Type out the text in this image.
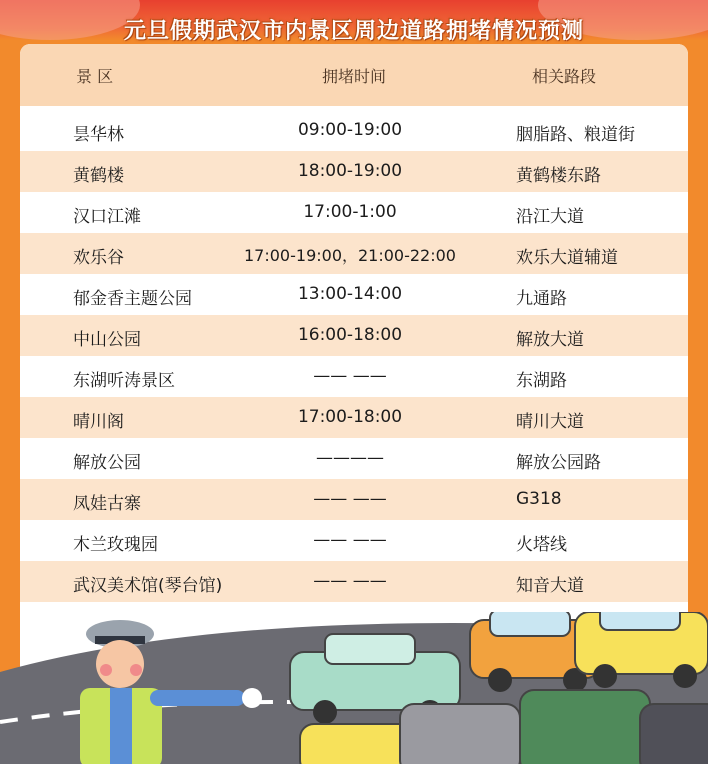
元旦假期武汉市内景区周边道路拥堵情况预测
景 区	拥堵时间	相关路段
昙华林	09:00-19:00	胭脂路、粮道街
黄鹤楼	18:00-19:00	黄鹤楼东路
汉口江滩	17:00-1:00	沿江大道
欢乐谷	17:00-19:00，21:00-22:00	欢乐大道辅道
郁金香主题公园	13:00-14:00	九通路
中山公园	16:00-18:00	解放大道
东湖听涛景区	—— ——	东湖路
晴川阁	17:00-18:00	晴川大道
解放公园	————	解放公园路
凤娃古寨	—— ——	G318
木兰玫瑰园	—— ——	火塔线
武汉美术馆(琴台馆)	—— ——	知音大道
